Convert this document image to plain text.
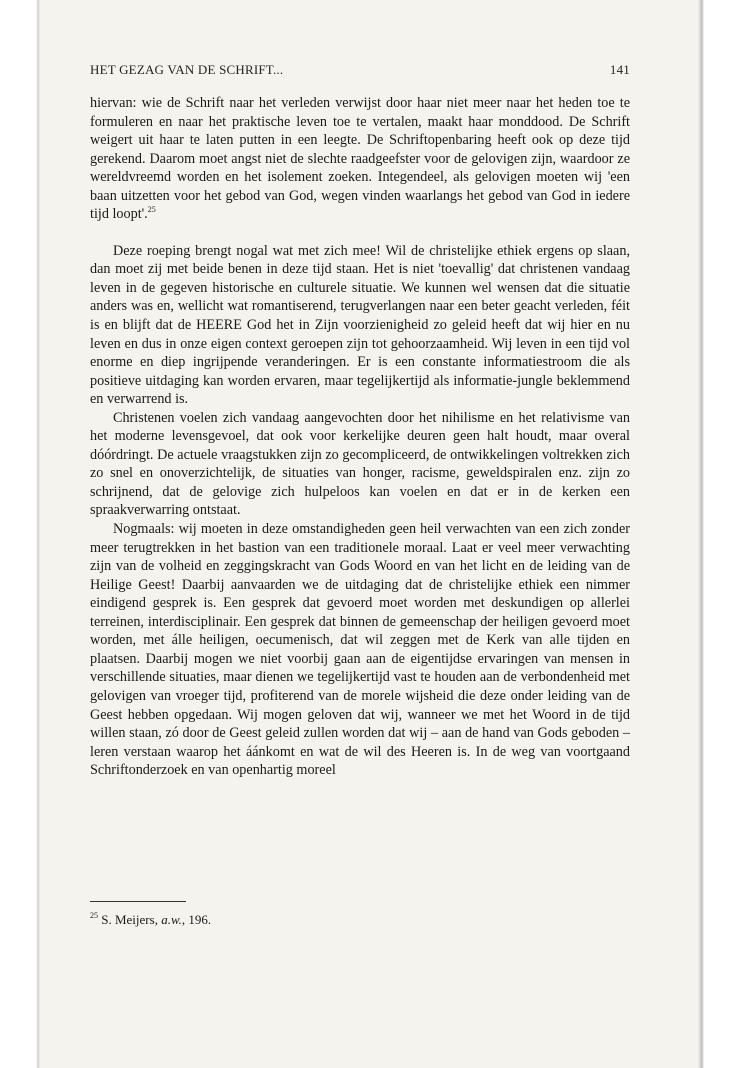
HET GEZAG VAN DE SCHRIFT...	141

hiervan: wie de Schrift naar het verleden verwijst door haar niet meer naar het heden toe te formuleren en naar het praktische leven toe te vertalen, maakt haar monddood. De Schrift weigert uit haar te laten putten in een leegte. De Schriftopenbaring heeft ook op deze tijd gerekend. Daarom moet angst niet de slechte raadgeefster voor de gelovigen zijn, waardoor ze wereldvreemd worden en het isolement zoeken. Integendeel, als gelovigen moeten wij 'een baan uitzetten voor het gebod van God, wegen vinden waarlangs het gebod van God in iedere tijd loopt'.$^{25}$

Deze roeping brengt nogal wat met zich mee! Wil de christelijke ethiek ergens op slaan, dan moet zij met beide benen in deze tijd staan. Het is niet 'toevallig' dat christenen vandaag leven in de gegeven historische en culturele situatie. We kunnen wel wensen dat die situatie anders was en, wellicht wat romantiserend, terugverlangen naar een beter geacht verleden, féit is en blijft dat de HEERE God het in Zijn voorzienigheid zo geleid heeft dat wij hier en nu leven en dus in onze eigen context geroepen zijn tot gehoorzaamheid. Wij leven in een tijd vol enorme en diep ingrijpende veranderingen. Er is een constante informatiestroom die als positieve uitdaging kan worden ervaren, maar tegelijkertijd als informatie-jungle beklemmend en verwarrend is.

Christenen voelen zich vandaag aangevochten door het nihilisme en het relativisme van het moderne levensgevoel, dat ook voor kerkelijke deuren geen halt houdt, maar overal dóórdringt. De actuele vraagstukken zijn zo gecompliceerd, de ontwikkelingen voltrekken zich zo snel en onoverzichtelijk, de situaties van honger, racisme, geweldspiralen enz. zijn zo schrijnend, dat de gelovige zich hulpeloos kan voelen en dat er in de kerken een spraakverwarring ontstaat.

Nogmaals: wij moeten in deze omstandigheden geen heil verwachten van een zich zonder meer terugtrekken in het bastion van een traditionele moraal. Laat er veel meer verwachting zijn van de volheid en zeggingskracht van Gods Woord en van het licht en de leiding van de Heilige Geest! Daarbij aanvaarden we de uitdaging dat de christelijke ethiek een nimmer eindigend gesprek is. Een gesprek dat gevoerd moet worden met deskundigen op allerlei terreinen, interdisciplinair. Een gesprek dat binnen de gemeenschap der heiligen gevoerd moet worden, met álle heiligen, oecumenisch, dat wil zeggen met de Kerk van alle tijden en plaatsen. Daarbij mogen we niet voorbij gaan aan de eigentijdse ervaringen van mensen in verschillende situaties, maar dienen we tegelijkertijd vast te houden aan de verbondenheid met gelovigen van vroeger tijd, profiterend van de morele wijsheid die deze onder leiding van de Geest hebben opgedaan. Wij mogen geloven dat wij, wanneer we met het Woord in de tijd willen staan, zó door de Geest geleid zullen worden dat wij – aan de hand van Gods geboden – leren verstaan waarop het áánkomt en wat de wil des Heeren is. In de weg van voortgaand Schriftonderzoek en van openhartig moreel

$^{25}$ S. Meijers, a.w., 196.
